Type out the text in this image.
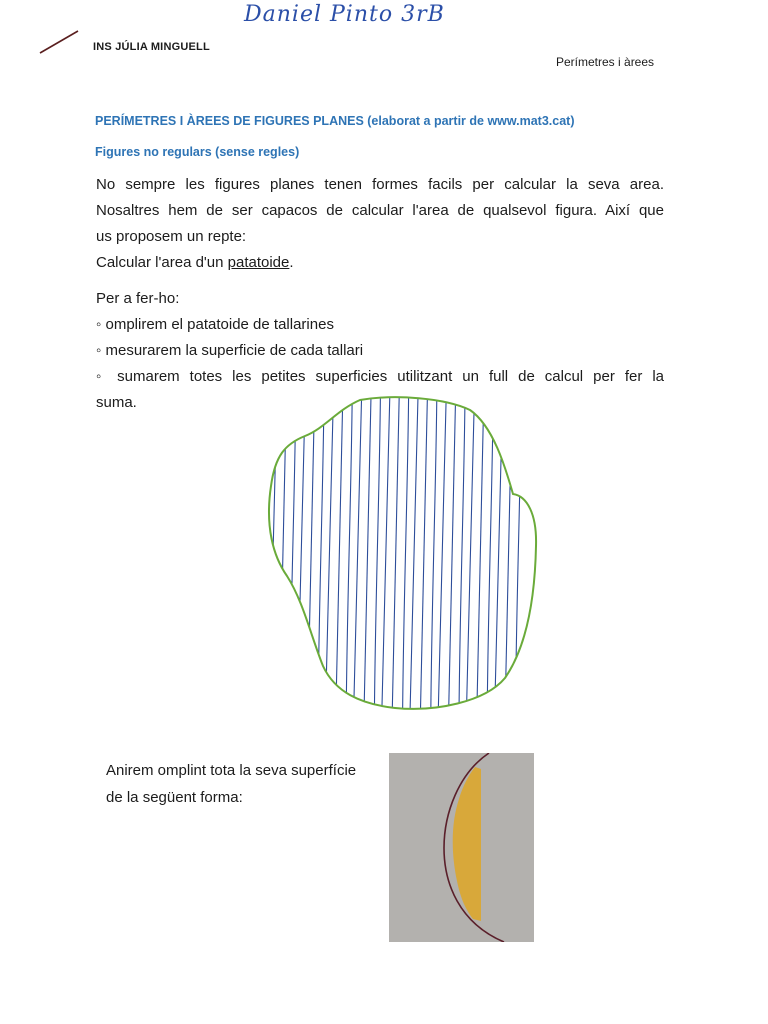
Daniel Pinto 3rB
INS JÚLIA MINGUELL
Perímetres i àrees
PERÍMETRES I ÀREES DE FIGURES PLANES (elaborat a partir de www.mat3.cat)
Figures no regulars (sense regles)
No sempre les figures planes tenen formes facils per calcular la seva area.
Nosaltres hem de ser capacos de calcular l'area de qualsevol figura. Així que
us proposem un repte:
Calcular l'area d'un patatoide.
Per a fer-ho:
◦ omplirem el patatoide de tallarines
◦ mesurarem la superficie de cada tallari
◦ sumarem totes les petites superficies utilitzant un full de calcul per fer la
suma.
Anirem omplint tota la seva superfície
de la següent forma:
